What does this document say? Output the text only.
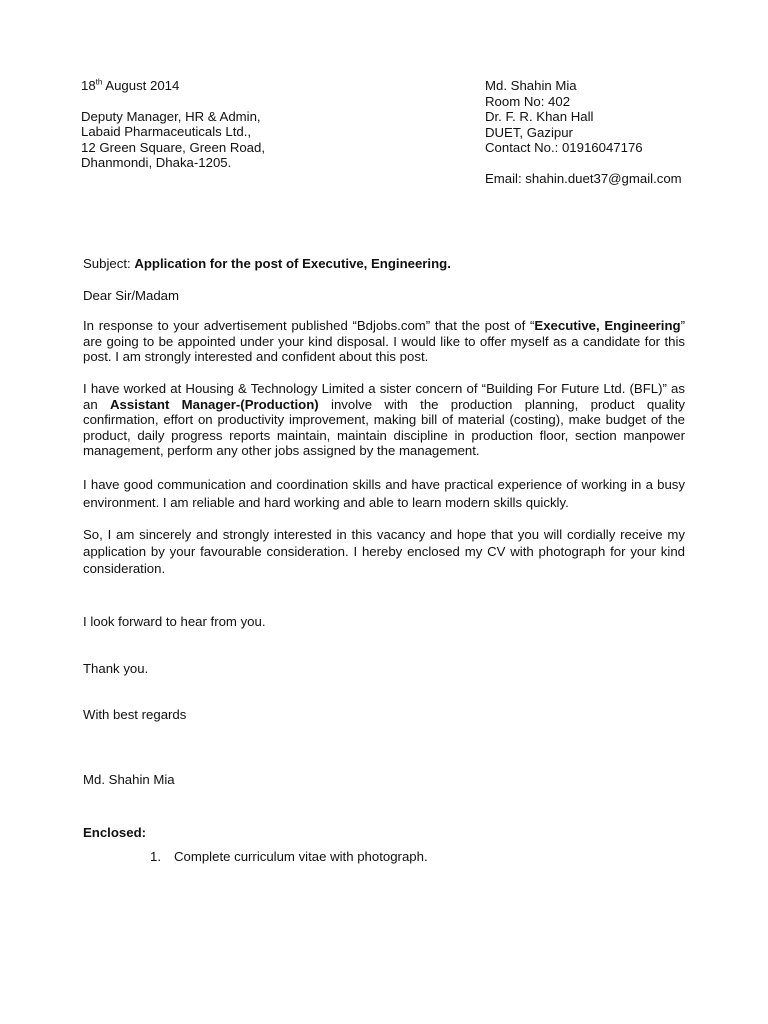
18th August 2014
Deputy Manager, HR & Admin,
Labaid Pharmaceuticals Ltd.,
12 Green Square, Green Road,
Dhanmondi, Dhaka-1205.
Md. Shahin Mia
Room No: 402
Dr. F. R. Khan Hall
DUET, Gazipur
Contact No.: 01916047176
Email: shahin.duet37@gmail.com
Subject: Application for the post of Executive, Engineering.
Dear Sir/Madam
In response to your advertisement published “Bdjobs.com” that the post of “Executive, Engineering” are going to be appointed under your kind disposal. I would like to offer myself as a candidate for this post. I am strongly interested and confident about this post.
I have worked at Housing & Technology Limited a sister concern of “Building For Future Ltd. (BFL)” as an Assistant Manager-(Production) involve with the production planning, product quality confirmation, effort on productivity improvement, making bill of material (costing), make budget of the product, daily progress reports maintain, maintain discipline in production floor, section manpower management, perform any other jobs assigned by the management.
I have good communication and coordination skills and have practical experience of working in a busy environment. I am reliable and hard working and able to learn modern skills quickly.
So, I am sincerely and strongly interested in this vacancy and hope that you will cordially receive my application by your favourable consideration. I hereby enclosed my CV with photograph for your kind consideration.
I look forward to hear from you.
Thank you.
With best regards
Md. Shahin Mia
Enclosed:
1. Complete curriculum vitae with photograph.
